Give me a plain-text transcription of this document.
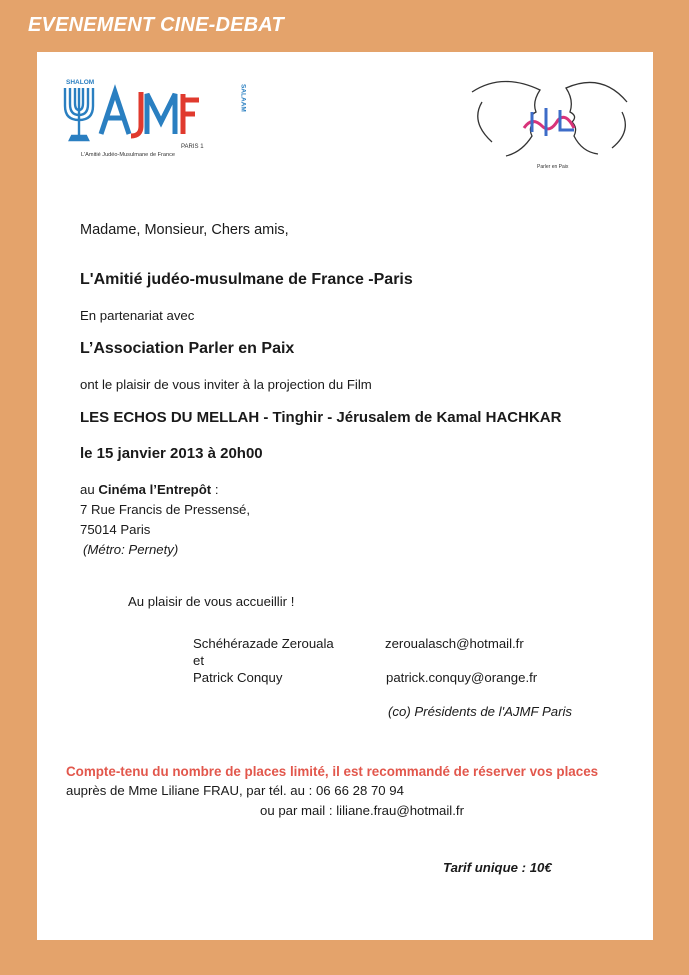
EVENEMENT CINE-DEBAT
SHALOM
PARIS 1
L'Amitié Judéo-Musulmane de France
SALAAM
Parler en Paix
Madame, Monsieur, Chers amis,
L'Amitié judéo-musulmane de France -Paris
En partenariat avec
L’Association Parler en Paix
ont le plaisir de vous inviter à la projection du Film
LES ECHOS DU MELLAH - Tinghir - Jérusalem de Kamal HACHKAR
le 15 janvier 2013 à 20h00
au Cinéma l’Entrepôt :
7 Rue Francis de Pressensé,
75014 Paris
(Métro: Pernety)
Au plaisir de vous accueillir !
Schéhérazade Zerouala	zeroualasch@hotmail.fr
et
Patrick Conquy	patrick.conquy@orange.fr
(co) Présidents de l'AJMF Paris
Compte-tenu du nombre de places limité, il est recommandé de réserver vos places
auprès de Mme Liliane FRAU, par tél. au : 06 66 28 70 94
ou par mail : liliane.frau@hotmail.fr
Tarif unique : 10€
